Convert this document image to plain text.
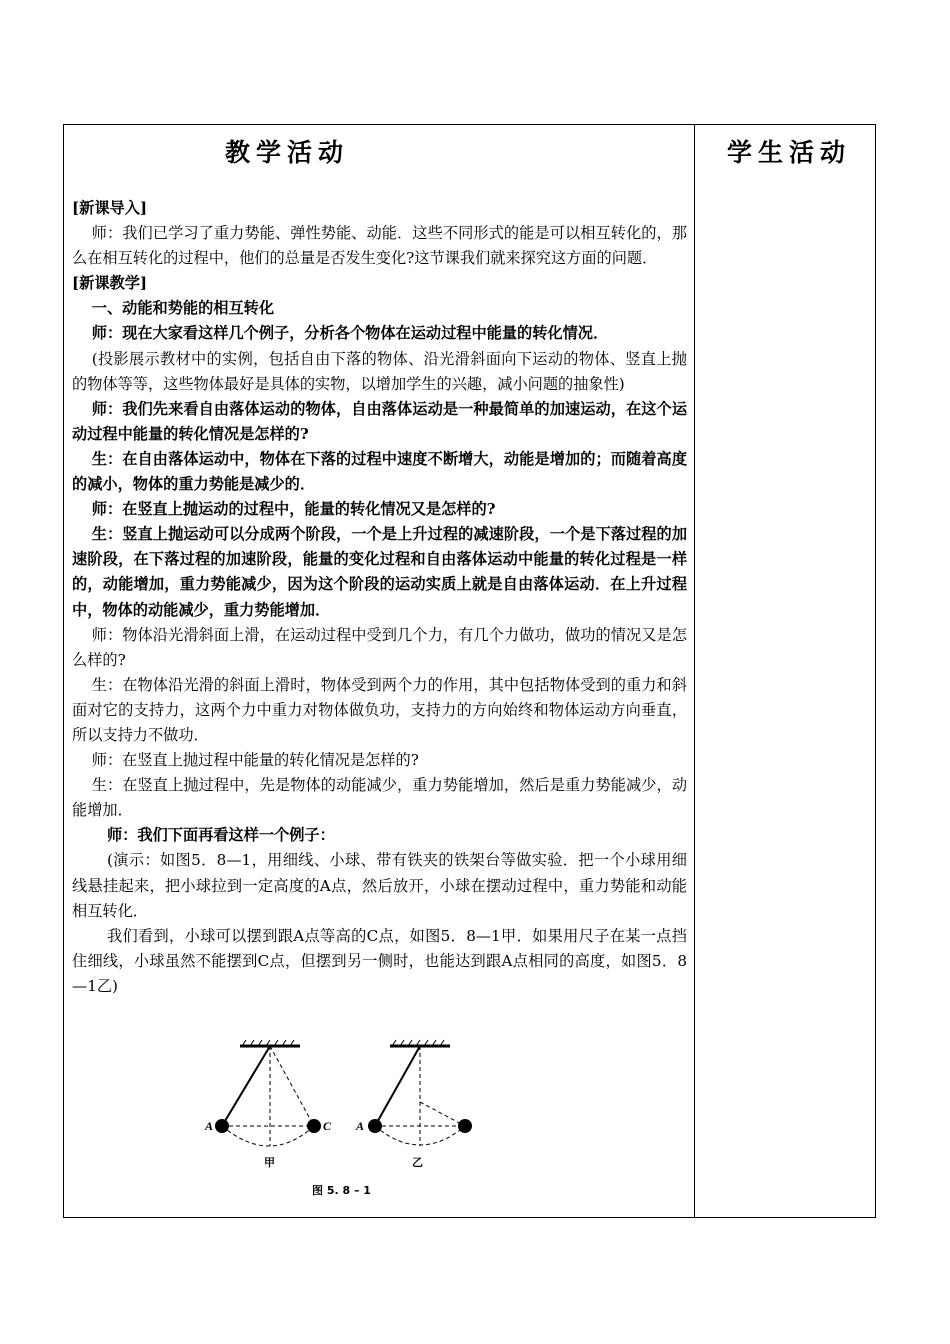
教学活动	学生活动

[新课导入]

师：我们已学习了重力势能、弹性势能、动能．这些不同形式的能是可以相互转化的，那么在相互转化的过程中，他们的总量是否发生变化?这节课我们就来探究这方面的问题．

[新课教学]

一、动能和势能的相互转化

师：现在大家看这样几个例子，分析各个物体在运动过程中能量的转化情况．

(投影展示教材中的实例，包括自由下落的物体、沿光滑斜面向下运动的物体、竖直上抛的物体等等，这些物体最好是具体的实物，以增加学生的兴趣，减小问题的抽象性)

师：我们先来看自由落体运动的物体，自由落体运动是一种最简单的加速运动，在这个运动过程中能量的转化情况是怎样的?

生：在自由落体运动中，物体在下落的过程中速度不断增大，动能是增加的；而随着高度的减小，物体的重力势能是减少的．

师：在竖直上抛运动的过程中，能量的转化情况又是怎样的?

生：竖直上抛运动可以分成两个阶段，一个是上升过程的减速阶段，一个是下落过程的加速阶段，在下落过程的加速阶段，能量的变化过程和自由落体运动中能量的转化过程是一样的，动能增加，重力势能减少，因为这个阶段的运动实质上就是自由落体运动．在上升过程中，物体的动能减少，重力势能增加．

师：物体沿光滑斜面上滑，在运动过程中受到几个力，有几个力做功，做功的情况又是怎么样的?

生：在物体沿光滑的斜面上滑时，物体受到两个力的作用，其中包括物体受到的重力和斜面对它的支持力，这两个力中重力对物体做负功，支持力的方向始终和物体运动方向垂直，所以支持力不做功．

师：在竖直上抛过程中能量的转化情况是怎样的?

生：在竖直上抛过程中，先是物体的动能减少，重力势能增加，然后是重力势能减少，动能增加．

师：我们下面再看这样一个例子：

(演示：如图5．8—1，用细线、小球、带有铁夹的铁架台等做实验．把一个小球用细线悬挂起来，把小球拉到一定高度的A点，然后放开，小球在摆动过程中，重力势能和动能相互转化．

我们看到，小球可以摆到跟A点等高的C点，如图5．8—1甲．如果用尺子在某一点挡住细线，小球虽然不能摆到C点，但摆到另一侧时，也能达到跟A点相同的高度，如图5．8—1乙)

A	C A
甲	乙
图 5. 8 – 1
